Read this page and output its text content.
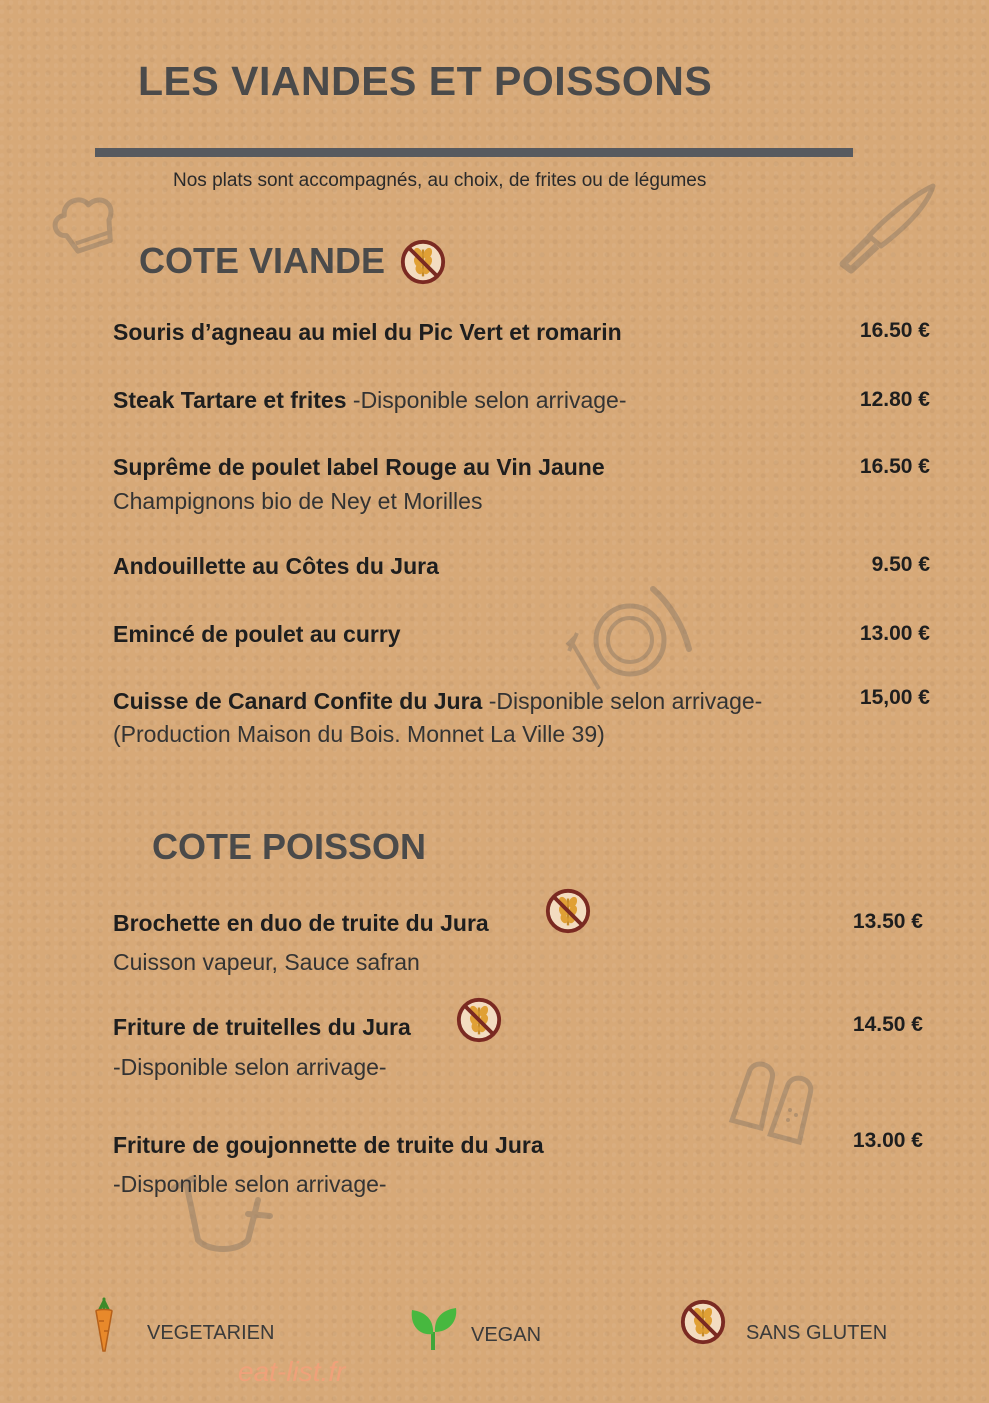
LES VIANDES ET POISSONS
Nos plats sont accompagnés, au choix, de frites ou de légumes
COTE VIANDE
Souris d’agneau au miel du Pic Vert et romarin	16.50 €
Steak Tartare et frites -Disponible selon arrivage-	12.80 €
Suprême de poulet label Rouge au Vin Jaune
Champignons bio de Ney et Morilles
16.50 €
Andouillette au Côtes du Jura	9.50 €
Emincé de poulet au curry	13.00 €
Cuisse de Canard Confite du Jura -Disponible selon arrivage-
(Production Maison du Bois. Monnet La Ville 39)
15,00 €
COTE POISSON
Brochette en duo de truite du Jura
Cuisson vapeur, Sauce safran
13.50 €
Friture de truitelles du Jura
-Disponible selon arrivage-
14.50 €
Friture de goujonnette de truite du Jura
-Disponible selon arrivage-
13.00 €
VEGETARIEN	VEGAN	SANS GLUTEN
eat-list.fr
